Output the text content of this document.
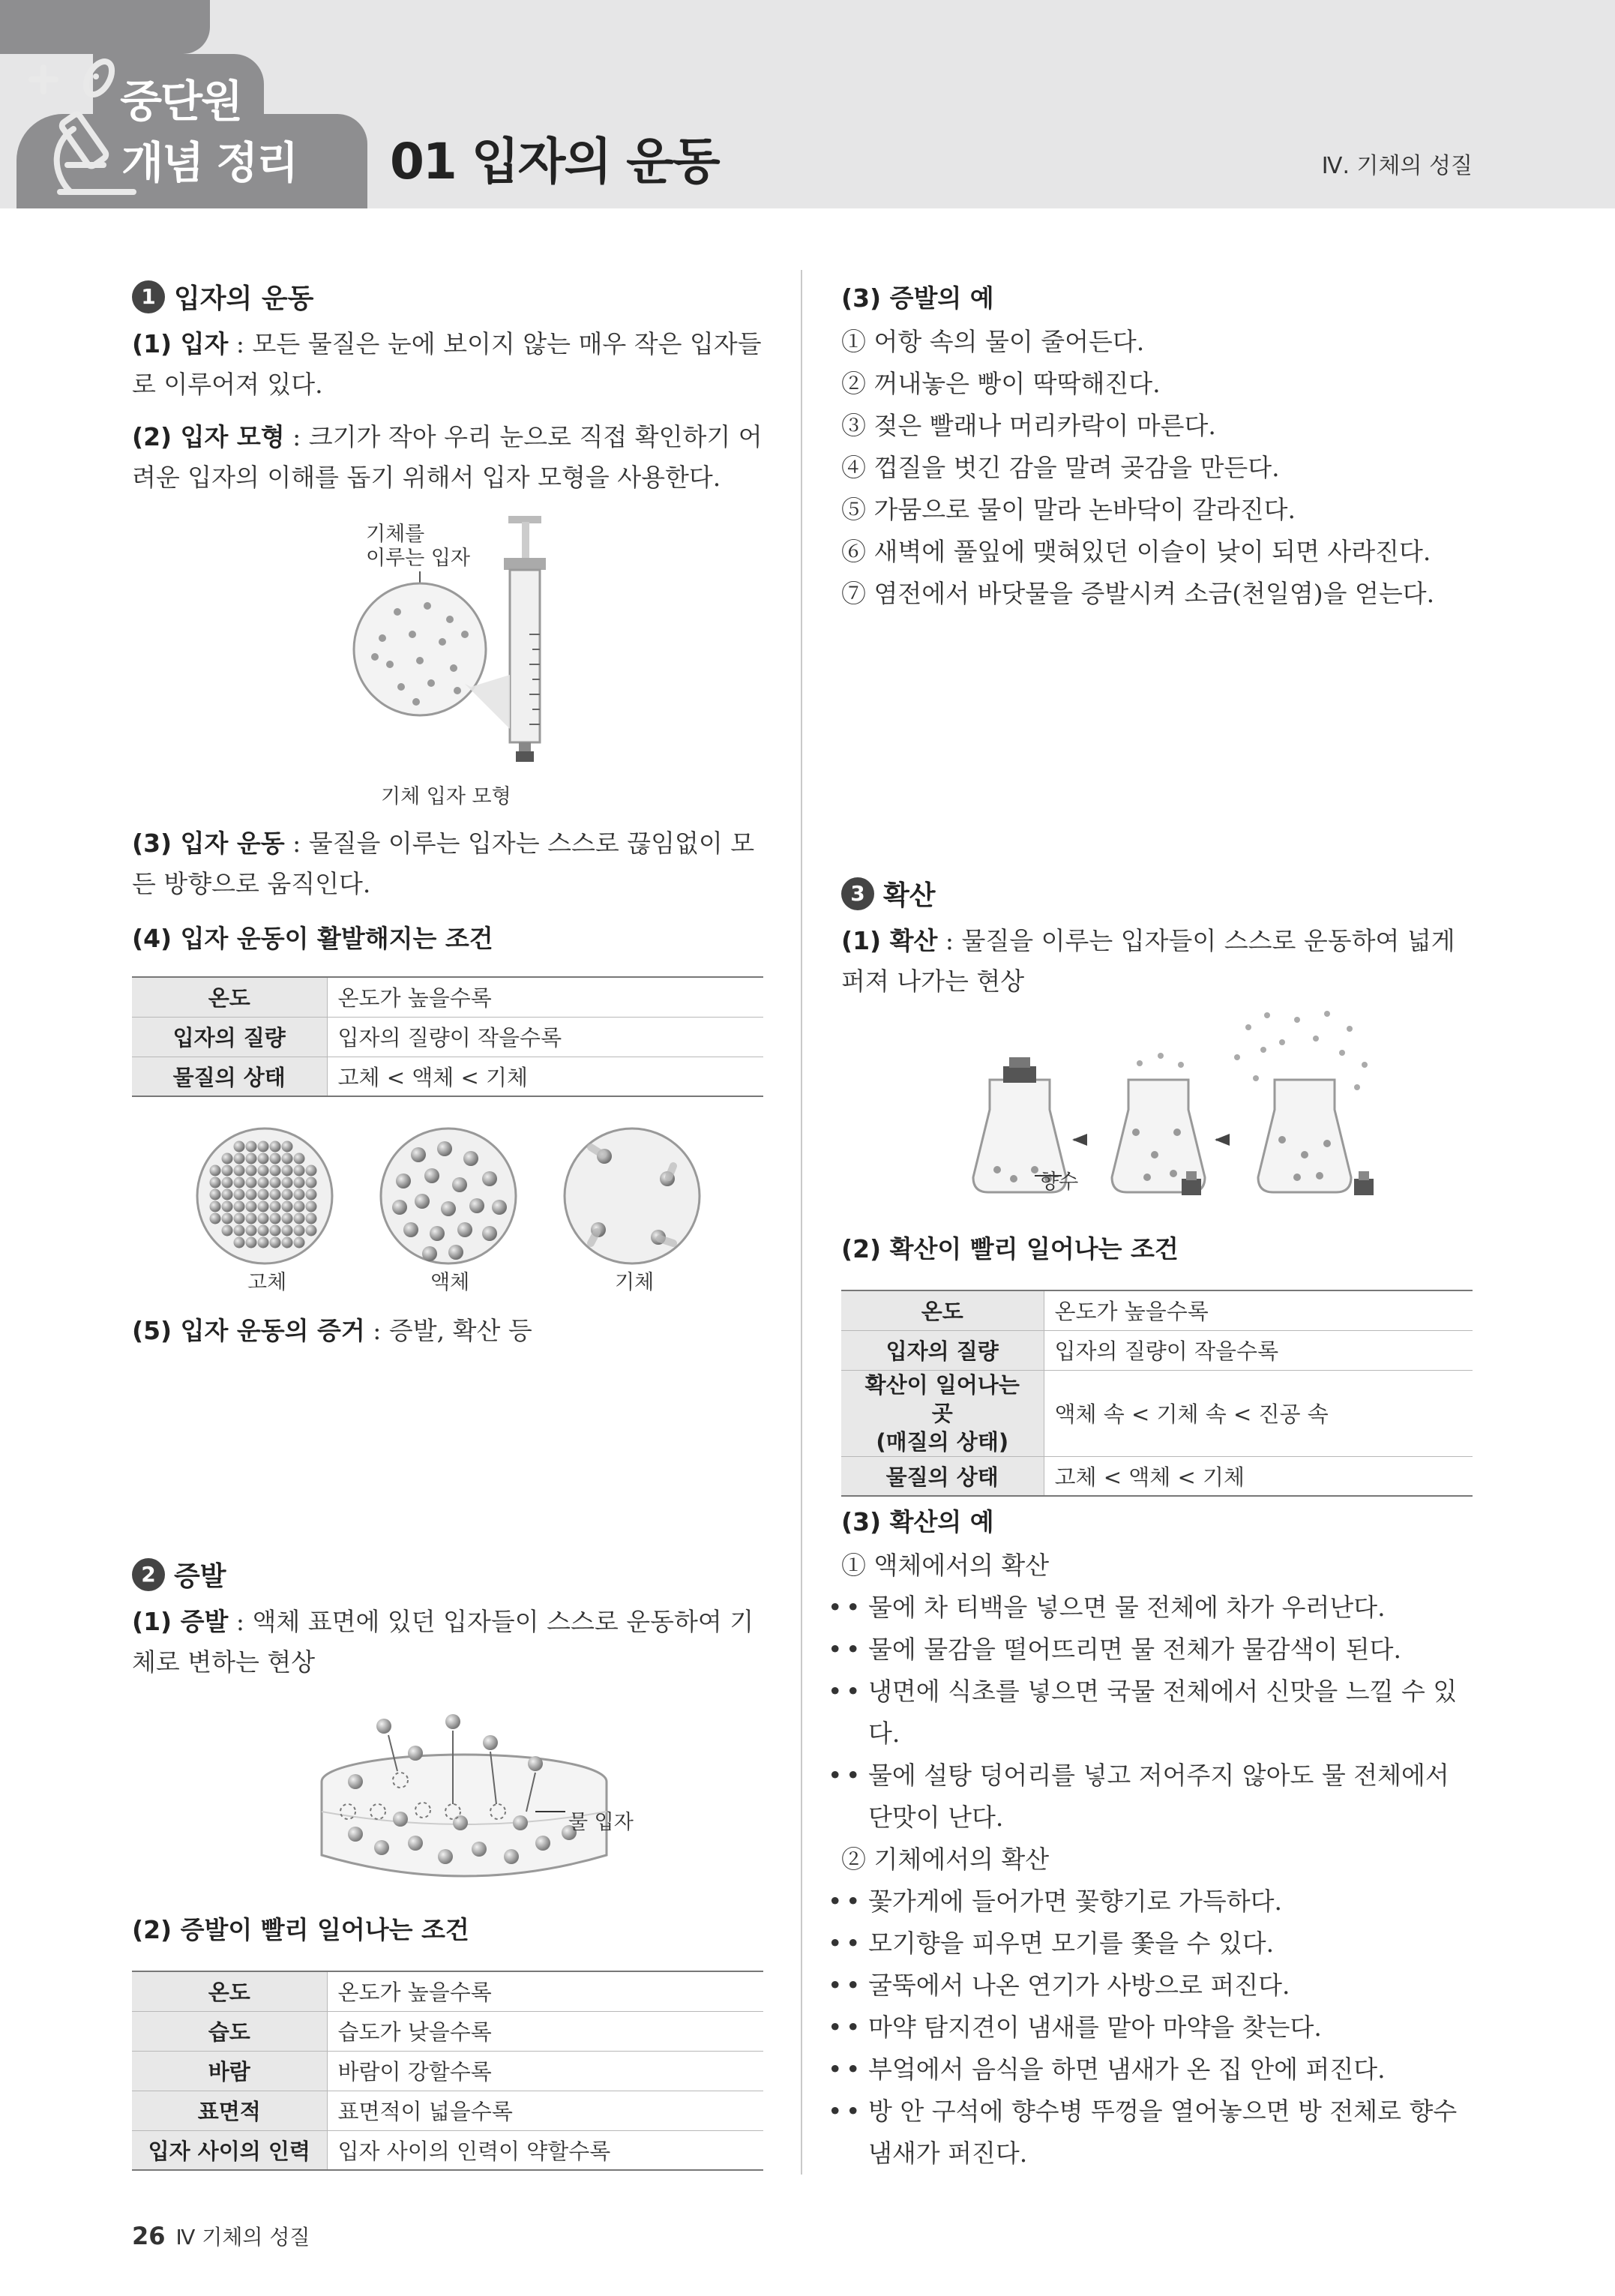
중단원
개념 정리 01 입자의 운동	Ⅳ. 기체의 성질
1 입자의 운동
(1) 입자 : 모든 물질은 눈에 보이지 않는 매우 작은 입자들로 이루어져 있다.
(2) 입자 모형 : 크기가 작아 우리 눈으로 직접 확인하기 어려운 입자의 이해를 돕기 위해서 입자 모형을 사용한다.
기체를
이루는 입자
기체 입자 모형
(3) 입자 운동 : 물질을 이루는 입자는 스스로 끊임없이 모든 방향으로 움직인다.
(4) 입자 운동이 활발해지는 조건
온도	온도가 높을수록
입자의 질량	입자의 질량이 작을수록
물질의 상태	고체 < 액체 < 기체
고체	액체	기체
(5) 입자 운동의 증거 : 증발, 확산 등
2 증발
(1) 증발 : 액체 표면에 있던 입자들이 스스로 운동하여 기체로 변하는 현상
물 입자
(2) 증발이 빨리 일어나는 조건
온도	온도가 높을수록
습도	습도가 낮을수록
바람	바람이 강할수록
표면적	표면적이 넓을수록
입자 사이의 인력	입자 사이의 인력이 약할수록
(3) 증발의 예
① 어항 속의 물이 줄어든다.
② 꺼내놓은 빵이 딱딱해진다.
③ 젖은 빨래나 머리카락이 마른다.
④ 껍질을 벗긴 감을 말려 곶감을 만든다.
⑤ 가뭄으로 물이 말라 논바닥이 갈라진다.
⑥ 새벽에 풀잎에 맺혀있던 이슬이 낮이 되면 사라진다.
⑦ 염전에서 바닷물을 증발시켜 소금(천일염)을 얻는다.
3 확산
(1) 확산 : 물질을 이루는 입자들이 스스로 운동하여 넓게 퍼져 나가는 현상
향수
(2) 확산이 빨리 일어나는 조건
온도	온도가 높을수록
입자의 질량	입자의 질량이 작을수록

확산이 일어나는 곳
(매질의 상태)	액체 속 < 기체 속 < 진공 속
물질의 상태	고체 < 액체 < 기체
(3) 확산의 예
① 액체에서의 확산
• • 물에 차 티백을 넣으면 물 전체에 차가 우러난다.
• • 물에 물감을 떨어뜨리면 물 전체가 물감색이 된다.
• • 냉면에 식초를 넣으면 국물 전체에서 신맛을 느낄 수 있다.
• • 물에 설탕 덩어리를 넣고 저어주지 않아도 물 전체에서 단맛이 난다.
② 기체에서의 확산
• • 꽃가게에 들어가면 꽃향기로 가득하다.
• • 모기향을 피우면 모기를 쫓을 수 있다.
• • 굴뚝에서 나온 연기가 사방으로 퍼진다.
• • 마약 탐지견이 냄새를 맡아 마약을 찾는다.
• • 부엌에서 음식을 하면 냄새가 온 집 안에 퍼진다.
• • 방 안 구석에 향수병 뚜껑을 열어놓으면 방 전체로 향수 냄새가 퍼진다.
26 Ⅳ 기체의 성질
